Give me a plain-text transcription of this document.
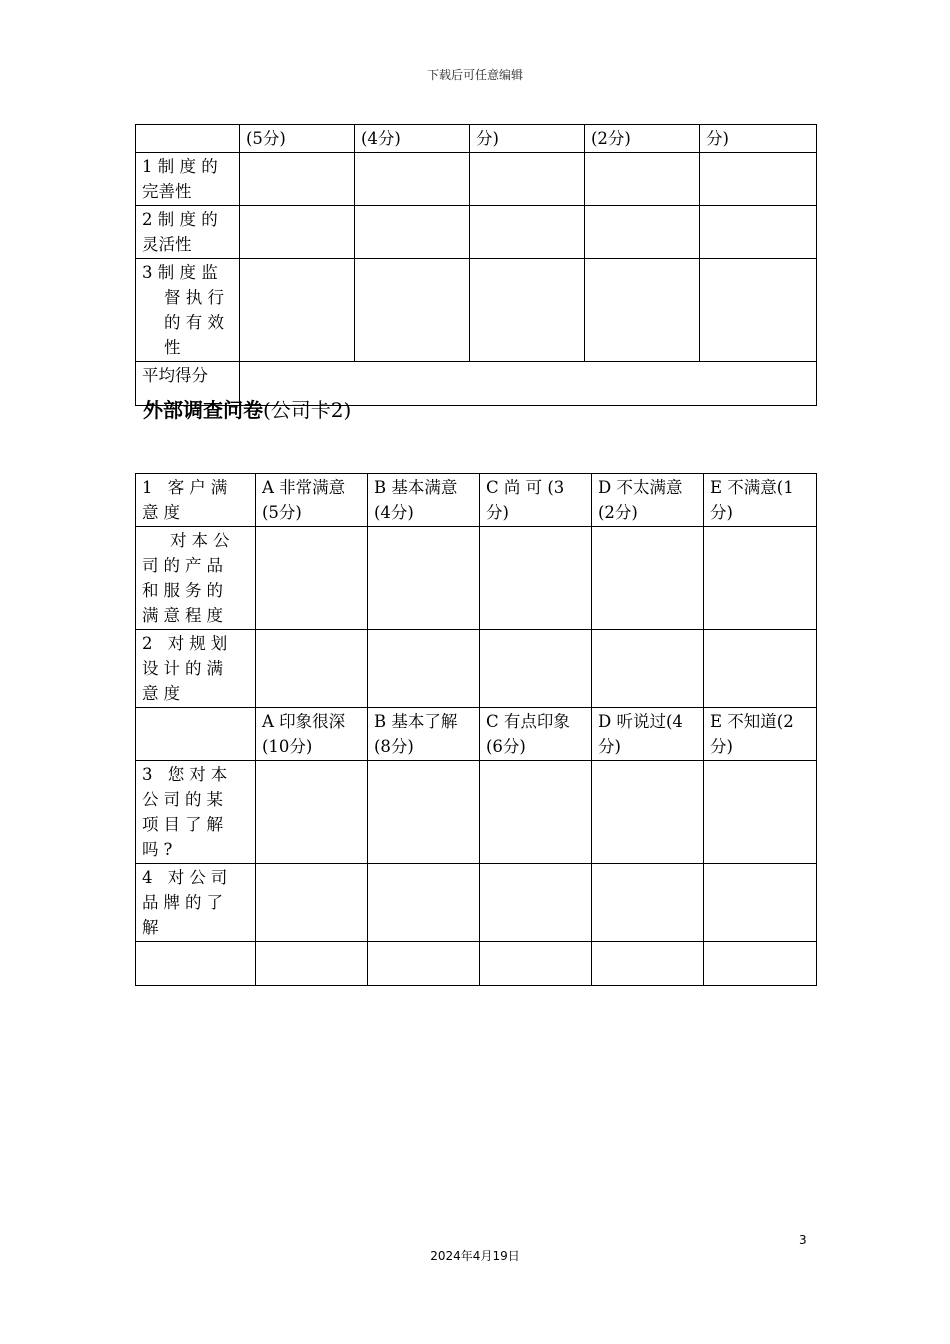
下载后可任意编辑
	(5分)	(4分)	分)	(2分)	分)

1 制 度 的
完善性					

2 制 度 的
灵活性					

3 制 度 监
督 执 行
的 有 效
性					

平均得分					
外部调查问卷(公司卡2)
1 客户满意度	A 非常满意(5分)	B 基本满意(4分)	C 尚 可 (3分)	D 不太满意(2分)	E 不满意(1分)
对本公司的产品和服务的满意程度					
2 对规划设计的满意度					
	A 印象很深(10分)	B 基本了解(8分)	C 有点印象(6分)	D 听说过(4分)	E 不知道(2分)
3 您对本公司的某项目了解吗?					
4 对公司品牌的了解					

3
2024年4月19日
